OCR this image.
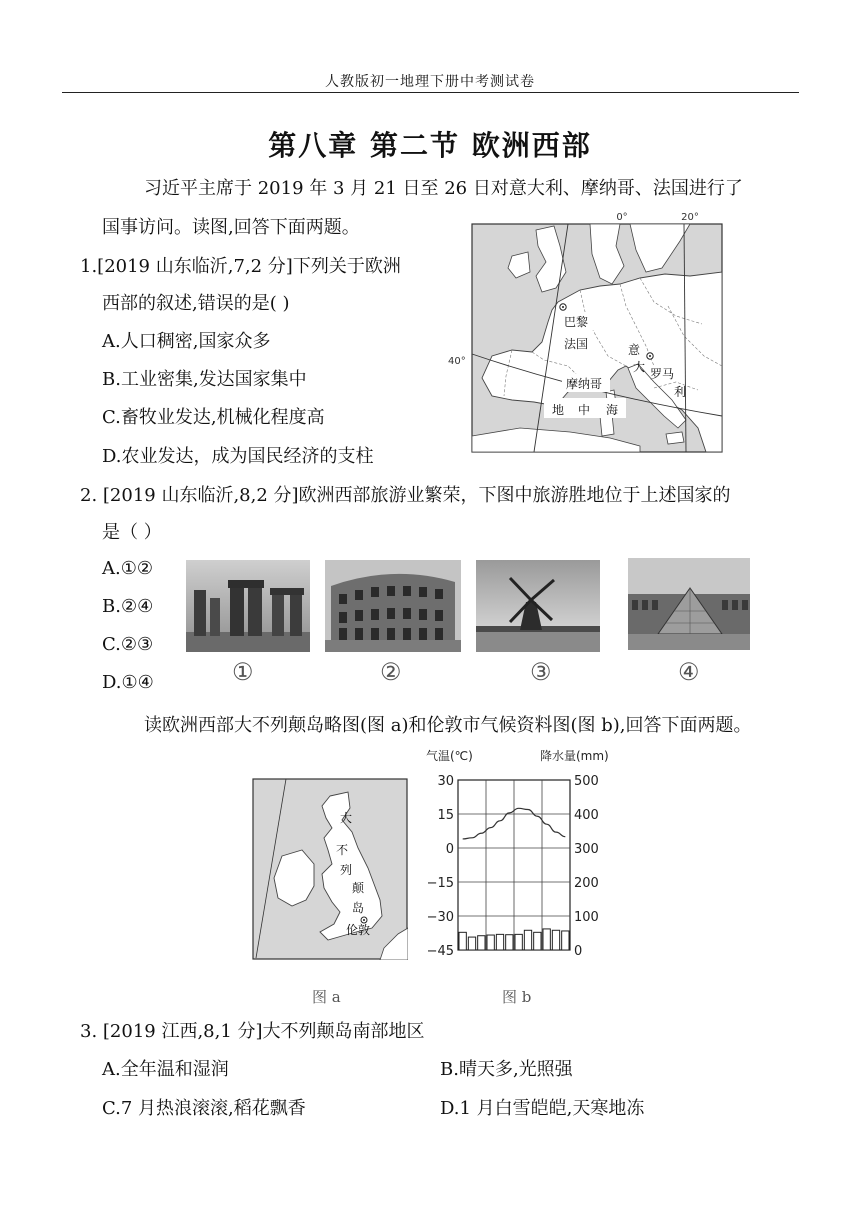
人教版初一地理下册中考测试卷
第八章 第二节 欧洲西部
习近平主席于 2019 年 3 月 21 日至 26 日对意大利、摩纳哥、法国进行了
国事访问。读图,回答下面两题。
1.[2019 山东临沂,7,2 分]下列关于欧洲
西部的叙述,错误的是( )
A.人口稠密,国家众多
B.工业密集,发达国家集中
C.畜牧业发达,机械化程度高
D.农业发达，成为国民经济的支柱
0°	20°
40°
巴黎
法国	意
大
利
罗马
摩纳哥
地 中 海
2. [2019 山东临沂,8,2 分]欧洲西部旅游业繁荣，下图中旅游胜地位于上述国家的
是（ ）
A.①②
B.②④
C.②③
D.①④	①	②	③	④
读欧洲西部大不列颠岛略图(图 a)和伦敦市气候资料图(图 b),回答下面两题。
大
不
列
颠
岛
伦敦
图 a
气温(℃)	降水量(mm)
30
15
0
−15
−30
−45
500
400
300
200
100
0
图 b
3. [2019 江西,8,1 分]大不列颠岛南部地区
A.全年温和湿润	B.晴天多,光照强
C.7 月热浪滚滚,稻花飘香	D.1 月白雪皑皑,天寒地冻
